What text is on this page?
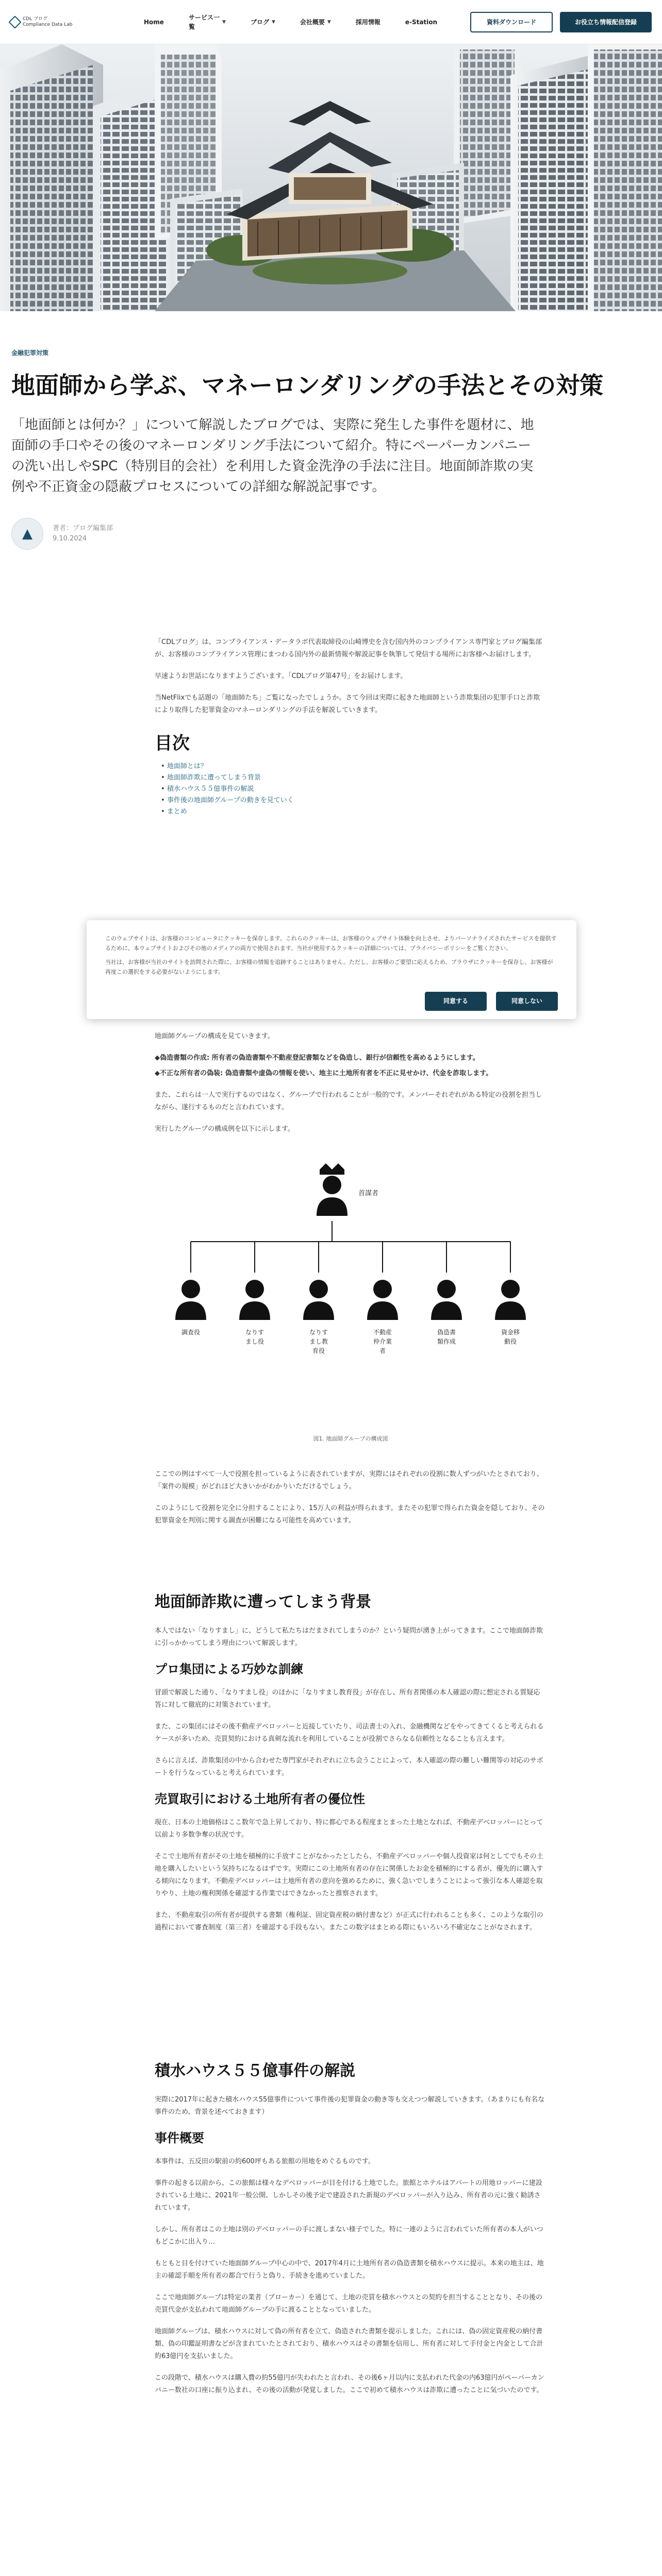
CDL ブログ
Compliance Data Lab	Home
サービス一覧
▼	ブログ ▼	会社概要 ▼	採用情報	e-Station	資料ダウンロード	お役立ち情報配信登録
金融犯罪対策
地面師から学ぶ、マネーロンダリングの手法とその対策
「地面師とは何か？」について解説したブログでは、実際に発生した事件を題材に、地面師の手口やその後のマネーロンダリング手法について紹介。特にペーパーカンパニーの洗い出しやSPC（特別目的会社）を利用した資金洗浄の手法に注目。地面師詐欺の実例や不正資金の隠蔽プロセスについての詳細な解説記事です。
▲	著者：ブログ編集部
9.10.2024

「CDLブログ」は、コンプライアンス・データラボ代表取締役の山崎博史を含む国内外のコンプライアンス専門家とブログ編集部が、お客様のコンプライアンス管理にまつわる国内外の最新情報や解説記事を執筆して発信する場所にお客様へお届けします。

早速ようお世話になりますようございます。「CDLブログ第47号」をお届けします。

当NetFlixでも話題の「地面師たち」ご覧になったでしょうか。さて今回は実際に起きた地面師という詐欺集団の犯罪手口と詐欺により取得した犯罪資金のマネーロンダリングの手法を解説していきます。

目次
• 地面師とは？
• 地面師詐欺に遭ってしまう背景
• 積水ハウス５５億事件の解説
• 事件後の地面師グループの動きを見ていく
• まとめ

地面師グループの構成を見ていきます。

◆偽造書類の作成: 所有者の偽造書類や不動産登記書類などを偽造し、銀行が信頼性を高めるようにします。

◆不正な所有者の偽装: 偽造書類や虚偽の情報を使い、地主に土地所有者を不正に見せかけ、代金を詐取します。

また、これらは一人で実行するのではなく、グループで行われることが一般的です。メンバーそれぞれがある特定の役割を担当しながら、遂行するものだと言われています。

実行したグループの構成例を以下に示します。

首謀者
調査役	なりすまし役
なりすまし教育役
不動産仲介業者
偽造書類作成
資金移動役
図1. 地面師グループの構成図

ここでの例はすべて一人で役割を担っているように表されていますが、実際にはそれぞれの役割に数人ずつがいたとされており、「案件の規模」がどれほど大きいかがわかりいただけるでしょう。

このようにして役割を完全に分担することにより、15万人の利益が得られます。またその犯罪で得られた資金を隠しており、その犯罪資金を判別に関する調査が困難になる可能性を高めています。

地面師詐欺に遭ってしまう背景

本人ではない「なりすまし」に、どうして私たちはだまされてしまうのか？という疑問が湧き上がってきます。ここで地面師詐欺に引っかかってしまう理由について解説します。

プロ集団による巧妙な訓練

冒頭で解説した通り、「なりすまし役」のほかに「なりすまし教育役」が存在し、所有者関係の本人確認の際に想定される質疑応答に対して徹底的に対策されています。

また、この集団にはその後不動産デベロッパーと近接していたり、司法書士の入れ、金融機関などをやってきてくると考えられるケースが多いため、売買契約における真剣な流れを利用していることが役割でさらなる信頼性となることも言えます。

さらに言えば、詐欺集団の中から合わせた専門家がそれぞれに立ち会うことによって、本人確認の際の難しい難関等の対応のサポートを行うなっていると考えられています。

売買取引における土地所有者の優位性

現在、日本の土地価格はここ数年で急上昇しており、特に都心である程度まとまった土地となれば、不動産デベロッパーにとって以前より多数争奪の状況です。

そこで土地所有者がその土地を積極的に手放すことがなかったとしたら、不動産デベロッパーや個人投資家は何としてでもその土地を購入したいという気持ちになるはずです。実際にこの土地所有者の存在に関係したお金を積極的にする者が、優先的に購入する傾向になります。不動産デベロッパーは土地所有者の意向を強めるために、強く急いでしまうことによって強引な本人確認を取りやり、土地の権利関係を確認する作業ではできなかったと推察されます。

また、不動産取引の所有者が提供する書類（権利証、固定資産税の納付書など）が正式に行われることも多く、このような取引の過程において審査制度（第三者）を確認する手段もない。またこの数字はまとめる際にもいろいろ不確定なことがなされます。

積水ハウス５５億事件の解説

実際に2017年に起きた積水ハウス55億事件について事件後の犯罪資金の動き等も交えつつ解説していきます。（あまりにも有名な事件のため、背景を述べておきます）

事件概要

本事件は、五反田の駅前の約600坪もある旅館の用地をめぐるものです。

事件の起きる以前から、この旅館は様々なデベロッパーが目を付ける土地でした。旅館とホテルはアパートの用地ロッパーに建設されている土地に、2021年一般公開、しかしその後予定で建設された新規のデベロッパーが入り込み、所有者の元に強く勧誘されています。

しかし、所有者はこの土地は別のデベロッパーの手に渡しまない様子でした。特に一連のように言われていた所有者の本人がいつもどこかに出入り…

もともと目を付けていた地面師グループ中心の中で、2017年4月に土地所有者の偽造書類を積水ハウスに提示。本来の地主は、地主の確認手順を所有者の都合で行うと偽り、手続きを進めていました。

ここで地面師グループは特定の業者（ブローカー）を通じて、土地の売買を積水ハウスとの契約を担当することとなり、その後の売買代金が支払われて地面師グループの手に渡ることとなっていました。

地面師グループは、積水ハウスに対して偽の所有者を立て、偽造された書類を提示しました。これには、偽の固定資産税の納付書類、偽の印鑑証明書などが含まれていたとされており、積水ハウスはその書類を信用し、所有者に対して手付金と内金として合計約63億円を支払いました。

この段階で、積水ハウスは購入費の約55億円が失われたと言われ、その後6ヶ月以内に支払われた代金の内63億円がペーパーカンパニー数社の口座に振り込まれ、その後の活動が発覚しました。ここで初めて積水ハウスは詐欺に遭ったことに気づいたのです。

このウェブサイトは、お客様のコンピュータにクッキーを保存します。これらのクッキーは、お客様のウェブサイト体験を向上させ、よりパーソナライズされたサービスを提供するために、本ウェブサイトおよびその他のメディアの両方で使用されます。当社が使用するクッキーの詳細については、プライバシーポリシーをご覧ください。

当社は、お客様が当社のサイトを訪問された際に、お客様の情報を追跡することはありません。ただし、お客様のご要望に応えるため、ブラウザにクッキーを保存し、お客様が再度この選択をする必要がないようにします。

同意する	同意しない
